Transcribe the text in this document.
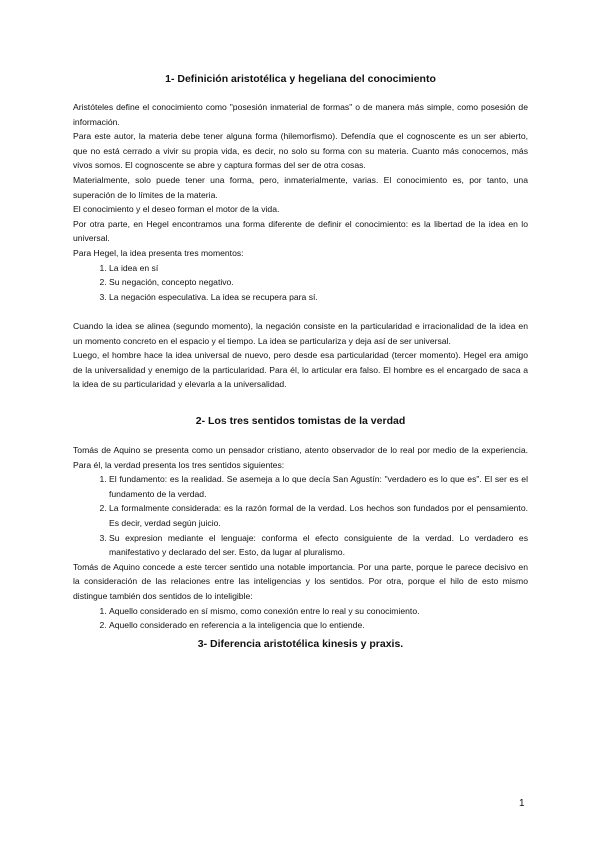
1- Definición aristotélica y hegeliana del conocimiento

Aristóteles define el conocimiento como "posesión inmaterial de formas" o de manera más simple, como posesión de información.

Para este autor, la materia debe tener alguna forma (hilemorfismo). Defendía que el cognoscente es un ser abierto, que no está cerrado a vivir su propia vida, es decir, no solo su forma con su materia. Cuanto más conocemos, más vivos somos. El cognoscente se abre y captura formas del ser de otra cosas.

Materialmente, solo puede tener una forma, pero, inmaterialmente, varias. El conocimiento es, por tanto, una superación de lo límites de la materia.

El conocimiento y el deseo forman el motor de la vida.

Por otra parte, en Hegel encontramos una forma diferente de definir el conocimiento: es la libertad de la idea en lo universal.

Para Hegel, la idea presenta tres momentos:

1. La idea en sí
2. Su negación, concepto negativo.
3. La negación especulativa. La idea se recupera para sí.

Cuando la idea se alinea (segundo momento), la negación consiste en la particularidad e irracionalidad de la idea en un momento concreto en el espacio y el tiempo. La idea se particulariza y deja así de ser universal.

Luego, el hombre hace la idea universal de nuevo, pero desde esa particularidad (tercer momento). Hegel era amigo de la universalidad y enemigo de la particularidad. Para él, lo articular era falso. El hombre es el encargado de saca a la idea de su particularidad y elevarla a la universalidad.

2- Los tres sentidos tomistas de la verdad

Tomás de Aquino se presenta como un pensador cristiano, atento observador de lo real por medio de la experiencia. Para él, la verdad presenta los tres sentidos siguientes:

1. El fundamento: es la realidad. Se asemeja a lo que decía San Agustín: "verdadero es lo que es". El ser es el fundamento de la verdad.
2. La formalmente considerada: es la razón formal de la verdad. Los hechos son fundados por el pensamiento. Es decir, verdad según juicio.
3. Su expresion mediante el lenguaje: conforma el efecto consiguiente de la verdad. Lo verdadero es manifestativo y declarado del ser. Esto, da lugar al pluralismo.

Tomás de Aquino concede a este tercer sentido una notable importancia. Por una parte, porque le parece decisivo en la consideración de las relaciones entre las inteligencias y los sentidos. Por otra, porque el hilo de esto mismo distingue también dos sentidos de lo inteligible:

1. Aquello considerado en sí mismo, como conexión entre lo real y su conocimiento.
2. Aquello considerado en referencia a la inteligencia que lo entiende.
3- Diferencia aristotélica kinesis y praxis.
1
